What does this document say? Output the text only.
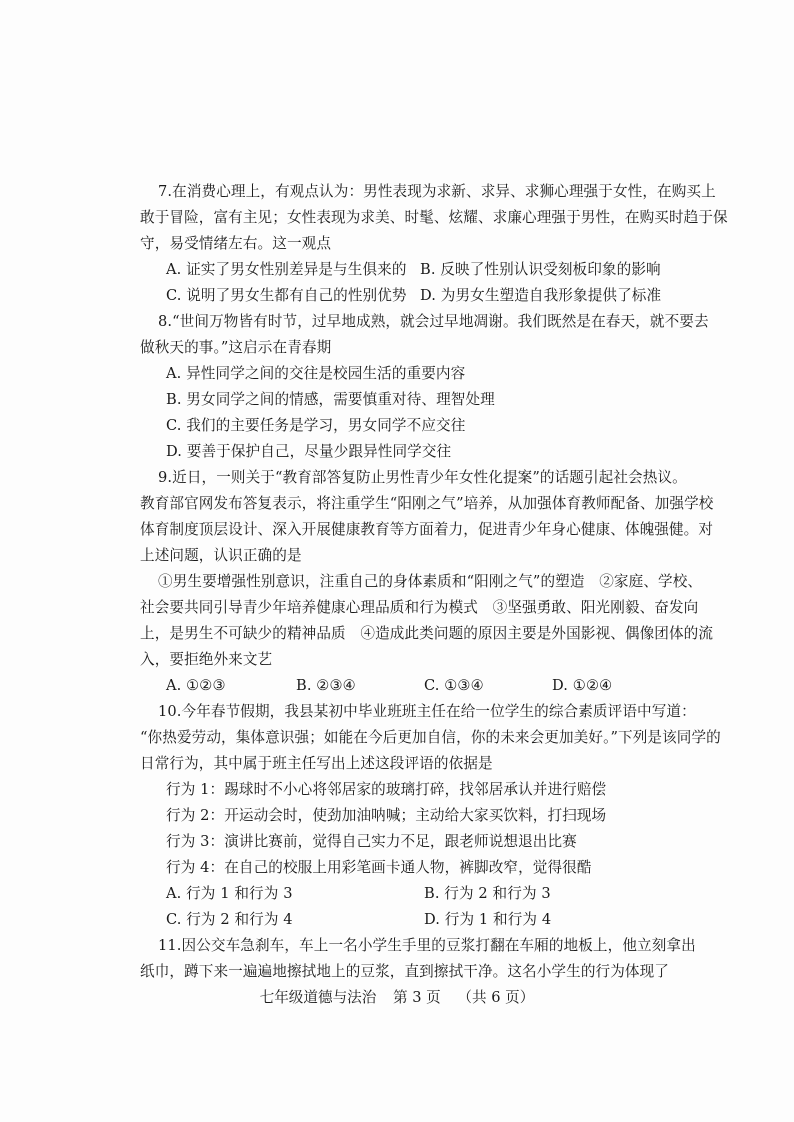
7.在消费心理上，有观点认为：男性表现为求新、求异、求狮心理强于女性，在购买上
敢于冒险，富有主见；女性表现为求美、时髦、炫耀、求廉心理强于男性，在购买时趋于保
守，易受情绪左右。这一观点
A. 证实了男女性别差异是与生俱来的 B. 反映了性别认识受刻板印象的影响
C. 说明了男女生都有自己的性别优势 D. 为男女生塑造自我形象提供了标准
8.“世间万物皆有时节，过早地成熟，就会过早地凋谢。我们既然是在春天，就不要去
做秋天的事。”这启示在青春期
A. 异性同学之间的交往是校园生活的重要内容
B. 男女同学之间的情感，需要慎重对待、理智处理
C. 我们的主要任务是学习，男女同学不应交往
D. 要善于保护自己，尽量少跟异性同学交往
9.近日，一则关于“教育部答复防止男性青少年女性化提案”的话题引起社会热议。
教育部官网发布答复表示，将注重学生“阳刚之气”培养，从加强体育教师配备、加强学校
体育制度顶层设计、深入开展健康教育等方面着力，促进青少年身心健康、体魄强健。对
上述问题，认识正确的是
①男生要增强性别意识，注重自己的身体素质和“阳刚之气”的塑造　②家庭、学校、
社会要共同引导青少年培养健康心理品质和行为模式　③坚强勇敢、阳光刚毅、奋发向
上，是男生不可缺少的精神品质　④造成此类问题的原因主要是外国影视、偶像团体的流
入，要拒绝外来文艺
A. ①②③	B. ②③④	C. ①③④	D. ①②④
10.今年春节假期，我县某初中毕业班班主任在给一位学生的综合素质评语中写道：
“你热爱劳动，集体意识强；如能在今后更加自信，你的未来会更加美好。”下列是该同学的
日常行为，其中属于班主任写出上述这段评语的依据是
行为 1：踢球时不小心将邻居家的玻璃打碎，找邻居承认并进行赔偿
行为 2：开运动会时，使劲加油呐喊；主动给大家买饮料，打扫现场
行为 3：演讲比赛前，觉得自己实力不足，跟老师说想退出比赛
行为 4：在自己的校服上用彩笔画卡通人物，裤脚改窄，觉得很酷
A. 行为 1 和行为 3	B. 行为 2 和行为 3
C. 行为 2 和行为 4	D. 行为 1 和行为 4
11.因公交车急刹车，车上一名小学生手里的豆浆打翻在车厢的地板上，他立刻拿出
纸巾，蹲下来一遍遍地擦拭地上的豆浆，直到擦拭干净。这名小学生的行为体现了
七年级道德与法治 第 3 页 （共 6 页）
